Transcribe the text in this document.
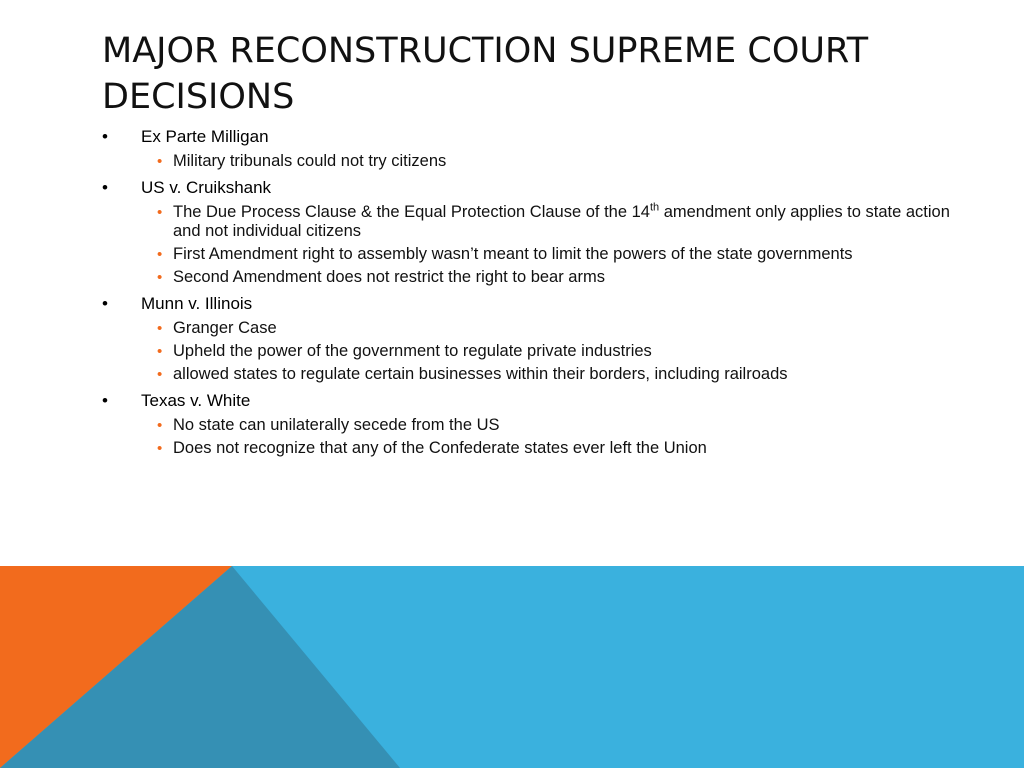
MAJOR RECONSTRUCTION SUPREME COURT
DECISIONS
• Ex Parte Milligan
• Military tribunals could not try citizens
• US v. Cruikshank
• The Due Process Clause & the Equal Protection Clause of the 14th amendment only applies to state action and not individual citizens
• First Amendment right to assembly wasn’t meant to limit the powers of the state governments
• Second Amendment does not restrict the right to bear arms
• Munn v. Illinois
• Granger Case
• Upheld the power of the government to regulate private industries
• allowed states to regulate certain businesses within their borders, including railroads
• Texas v. White
• No state can unilaterally secede from the US
• Does not recognize that any of the Confederate states ever left the Union
